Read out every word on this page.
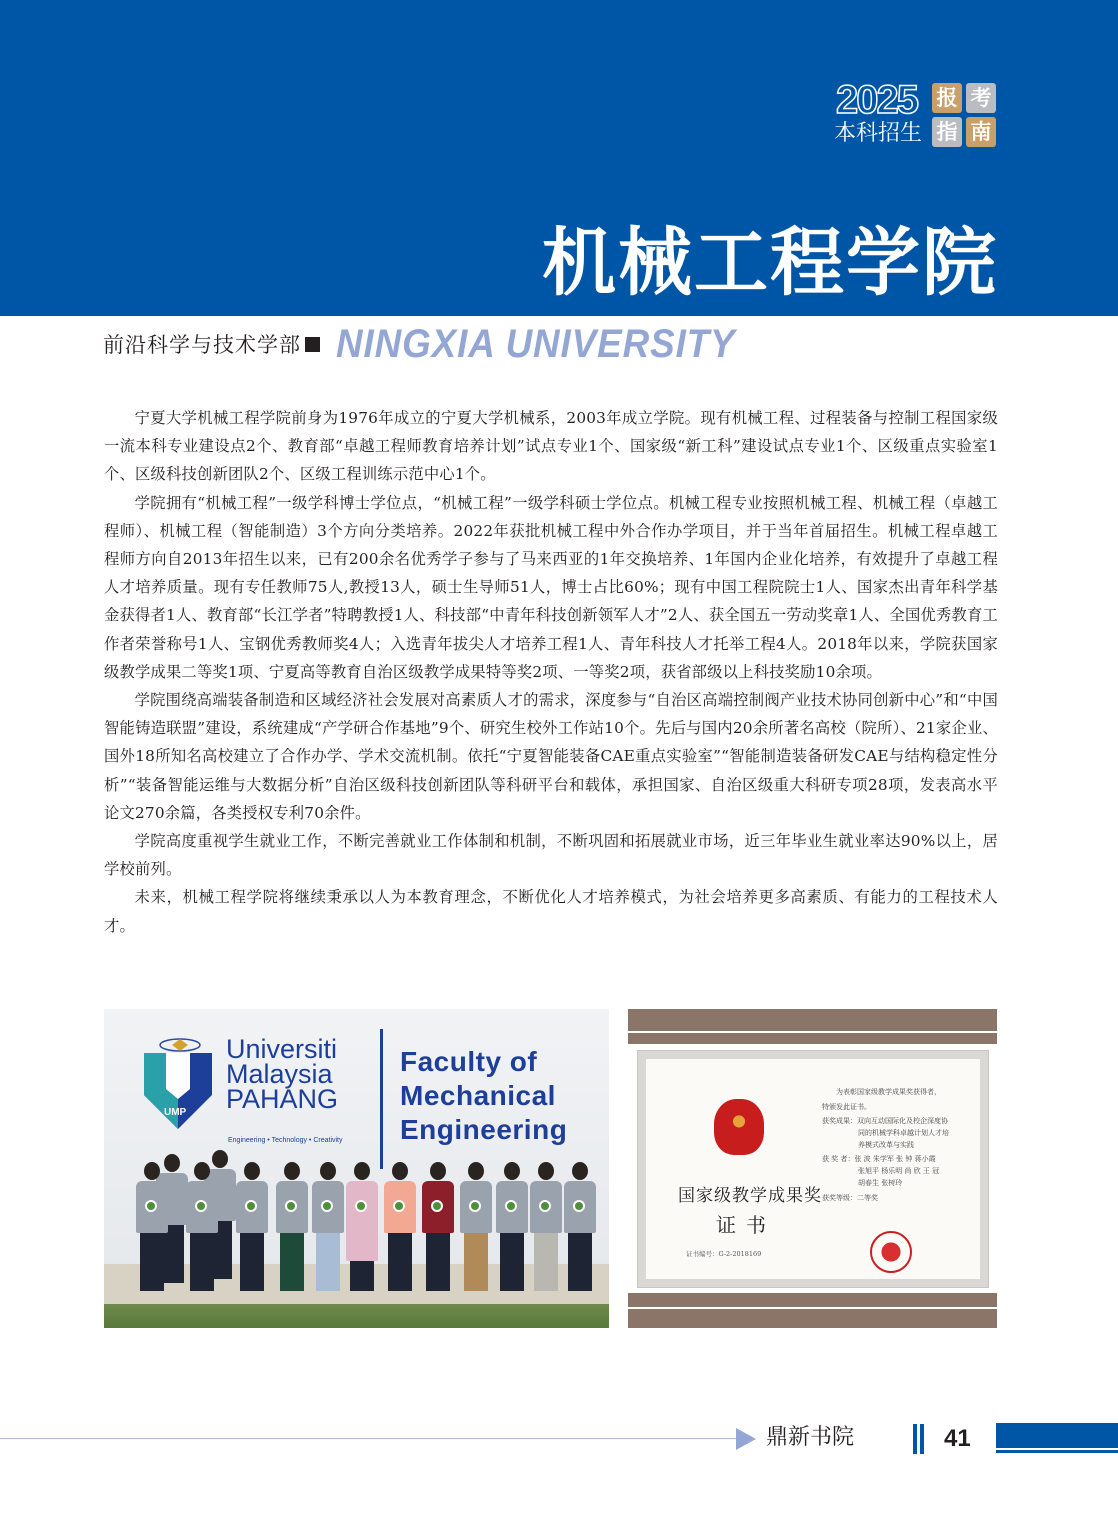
2025
本科招生
报 考
指 南
机械工程学院
前沿科学与技术学部 NINGXIA UNIVERSITY

宁夏大学机械工程学院前身为1976年成立的宁夏大学机械系，2003年成立学院。现有机械工程、过程装备与控制工程国家级一流本科专业建设点2个、教育部“卓越工程师教育培养计划”试点专业1个、国家级“新工科”建设试点专业1个、区级重点实验室1个、区级科技创新团队2个、区级工程训练示范中心1个。

学院拥有“机械工程”一级学科博士学位点，“机械工程”一级学科硕士学位点。机械工程专业按照机械工程、机械工程（卓越工程师）、机械工程（智能制造）3个方向分类培养。2022年获批机械工程中外合作办学项目，并于当年首届招生。机械工程卓越工程师方向自2013年招生以来，已有200余名优秀学子参与了马来西亚的1年交换培养、1年国内企业化培养，有效提升了卓越工程人才培养质量。现有专任教师75人,教授13人，硕士生导师51人，博士占比60%；现有中国工程院院士1人、国家杰出青年科学基金获得者1人、教育部“长江学者”特聘教授1人、科技部“中青年科技创新领军人才”2人、获全国五一劳动奖章1人、全国优秀教育工作者荣誉称号1人、宝钢优秀教师奖4人；入选青年拔尖人才培养工程1人、青年科技人才托举工程4人。2018年以来，学院获国家级教学成果二等奖1项、宁夏高等教育自治区级教学成果特等奖2项、一等奖2项，获省部级以上科技奖励10余项。

学院围绕高端装备制造和区域经济社会发展对高素质人才的需求，深度参与“自治区高端控制阀产业技术协同创新中心”和“中国智能铸造联盟”建设，系统建成“产学研合作基地”9个、研究生校外工作站10个。先后与国内20余所著名高校（院所）、21家企业、国外18所知名高校建立了合作办学、学术交流机制。依托“宁夏智能装备CAE重点实验室”“智能制造装备研发CAE与结构稳定性分析”“装备智能运维与大数据分析”自治区级科技创新团队等科研平台和载体，承担国家、自治区级重大科研专项28项，发表高水平论文270余篇，各类授权专利70余件。

学院高度重视学生就业工作，不断完善就业工作体制和机制，不断巩固和拓展就业市场，近三年毕业生就业率达90%以上，居学校前列。

未来，机械工程学院将继续秉承以人为本教育理念，不断优化人才培养模式，为社会培养更多高素质、有能力的工程技术人才。

UMP
Universiti
Malaysia
PAHANG
Engineering • Technology • Creativity
Faculty of
Mechanical
Engineering
为表彰国家级教学成果奖获得者，
特颁发此证书。
获奖成果：双向互动国际化及校企深度协
同的机械学科卓越计划人才培
养模式改革与实践
获 奖 者：张 波 朱学军 张 钟 蒋小霞
张旭平 杨乐明 尚 欣 王 冠
胡春生 张树玲
获奖等级：二等奖
国家级教学成果奖
证书
证书编号：G-2-2018169
鼎新书院	41
